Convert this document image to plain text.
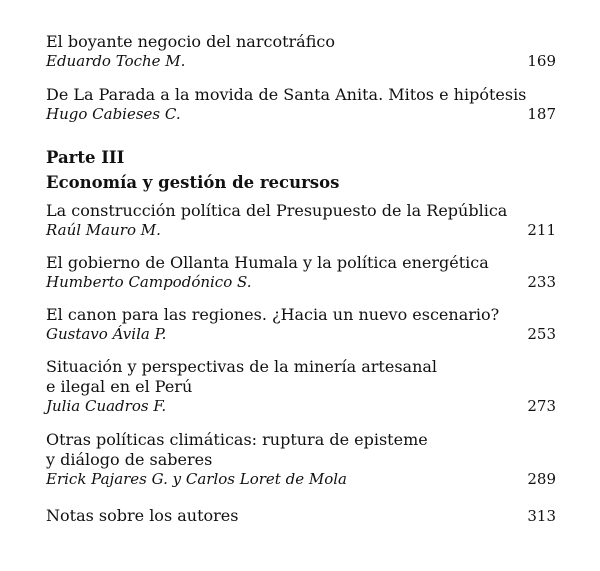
El boyante negocio del narcotráfico
Eduardo Toche M.	169
De La Parada a la movida de Santa Anita. Mitos e hipótesis
Hugo Cabieses C.	187
Parte III
Economía y gestión de recursos
La construcción política del Presupuesto de la República
Raúl Mauro M.	211
El gobierno de Ollanta Humala y la política energética
Humberto Campodónico S.	233
El canon para las regiones. ¿Hacia un nuevo escenario?
Gustavo Ávila P.	253
Situación y perspectivas de la minería artesanal
e ilegal en el Perú
Julia Cuadros F.	273
Otras políticas climáticas: ruptura de episteme
y diálogo de saberes
Erick Pajares G. y Carlos Loret de Mola	289
Notas sobre los autores	313
